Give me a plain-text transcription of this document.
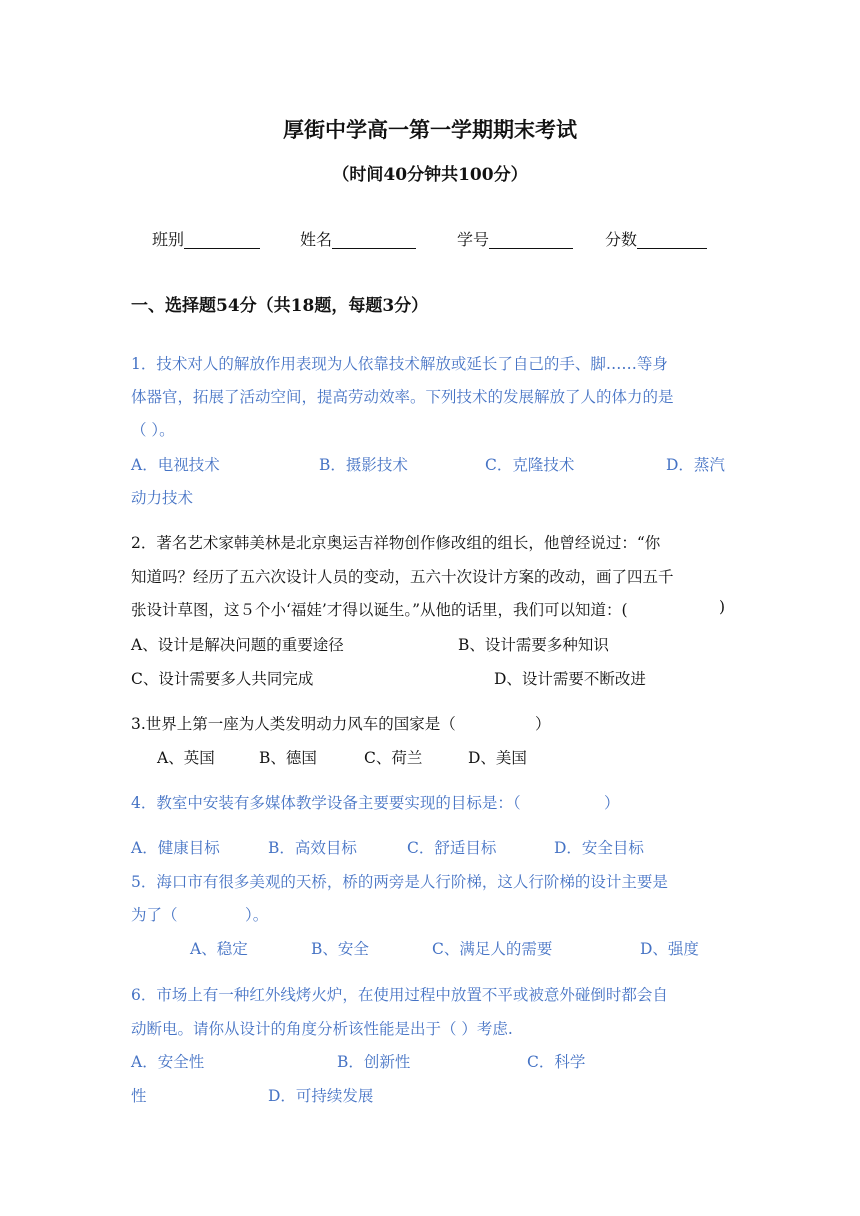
厚街中学高一第一学期期末考试
（时间40分钟共100分）
班别	姓名	学号	分数
一、选择题54分（共18题，每题3分）
1．技术对人的解放作用表现为人依靠技术解放或延长了自己的手、脚……等身
体器官，拓展了活动空间，提高劳动效率。下列技术的发展解放了人的体力的是
（ ）。
A．电视技术	B．摄影技术	C．克隆技术	D．蒸汽
动力技术
2．著名艺术家韩美林是北京奥运吉祥物创作修改组的组长，他曾经说过：“你
知道吗？经历了五六次设计人员的变动，五六十次设计方案的改动，画了四五千
张设计草图，这５个小‘福娃’才得以诞生。”从他的话里，我们可以知道：(	)
A、设计是解决问题的重要途径	B、设计需要多种知识
C、设计需要多人共同完成	D、设计需要不断改进
3.世界上第一座为人类发明动力风车的国家是（	）
A、英国	B、德国	C、荷兰	D、美国
4．教室中安装有多媒体教学设备主要要实现的目标是：（	）
A．健康目标	B．高效目标	C．舒适目标	D．安全目标
5．海口市有很多美观的天桥，桥的两旁是人行阶梯，这人行阶梯的设计主要是
为了（	）。
A、稳定	B、安全	C、满足人的需要	D、强度
6．市场上有一种红外线烤火炉，在使用过程中放置不平或被意外碰倒时都会自
动断电。请你从设计的角度分析该性能是出于（ ）考虑.
A．安全性	B．创新性	C．科学
性	D．可持续发展
